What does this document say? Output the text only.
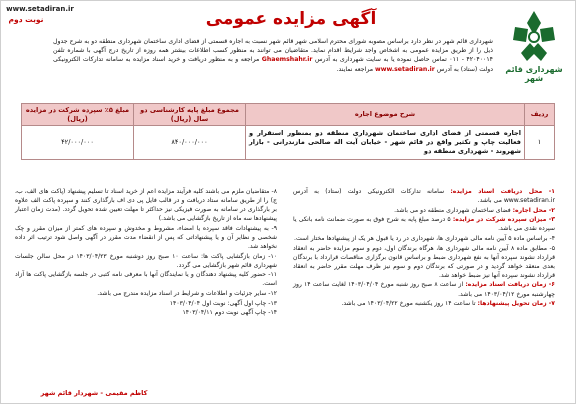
شهرداری قائم شهر
www.setadiran.ir
نوبت دوم	آگهی مزایده عمومی
شهرداری قائم شهر در نظر دارد براساس مصوبه شورای محترم اسلامی شهر قائم شهر نسبت به اجاره قسمتی از فضای اداری ساختمان شهرداری منطقه دو به شرح جدول ذیل را از طریق مزایده عمومی به اشخاص واجد شرایط اقدام نماید. متقاضیان می توانند به منظور کسب اطلاعات بیشتر همه روزه از تاریخ درج آگهی با شماره تلفن ۴۲۰۴۰۰۱۴ - ۰۱۱ تماس حاصل نموده یا به سایت شهرداری به آدرس Ghaemshahr.ir مراجعه و به منظور دریافت و خرید اسناد مزایده به سامانه تدارکات الکترونیکی دولت (ستاد) به آدرس www.setadiran.ir مراجعه نمایند.
ردیف	شرح موضوع اجاره	مجموع مبلغ پایه کارشناسی دو سال (ریال)	مبلغ ۵٪ سپرده شرکت در مزایده (ریال)
۱	اجاره قسمتی از فضای اداری ساختمان شهرداری منطقه دو بمنظور استقرار و فعالیت چاپ و تکثیر واقع در قائم شهر - خیابان آیت اله صالحی مازندرانی - بازار شهروند - شهرداری منطقه دو	۸۴۰/۰۰۰/۰۰۰	۴۲/۰۰۰/۰۰۰

۱- محل دریافت اسناد مزایده: سامانه تدارکات الکترونیکی دولت (ستاد) به آدرس www.setadiran.ir می باشد.

۲- محل اجاره: فضای ساختمان شهرداری منطقه دو می باشد.

۳- میزان سپرده شرکت در مزایده: ۵ درصد مبلغ پایه به شرح فوق به صورت ضمانت نامه بانکی یا سپرده نقدی می باشد.

۴- براساس ماده ۵ آیین نامه مالی شهرداری ها، شهرداری در رد یا قبول هر یک از پیشنهادها مختار است.

۵- مطابق ماده ۸ آیین نامه مالی شهرداری ها، هرگاه برندگان اول، دوم و سوم مزایده حاضر به انعقاد قرارداد نشوند سپرده آنها به نفع شهرداری ضبط و براساس قانون برگزاری مناقصات قرارداد با برندگان بعدی منعقد خواهد گردید و در صورتی که برندگان دوم و سوم نیز ظرف مهلت مقرر حاضر به انعقاد قرارداد نشوند سپرده آنها نیز ضبط خواهد شد.

۶- زمان دریافت اسناد مزایده: از ساعت ۸ صبح روز شنبه مورخ ۱۴۰۳/۰۴/۰۴ لغایت ساعت ۱۴ روز چهارشنبه مورخ ۱۴۰۳/۰۴/۱۲ می باشد.

۷- زمان تحویل پیشنهادها: تا ساعت ۱۴ روز یکشنبه مورخ ۱۴۰۳/۰۴/۲۲ می باشد.

۸- متقاضیان ملزم می باشند کلیه فرآیند مزایده اعم از خرید اسناد تا تسلیم پیشنهاد (پاکت های الف، ب، ج) را از طریق سامانه ستاد دریافت و در قالب فایل پی دی اف بارگذاری کنند و سپرده پاکت الف علاوه بر بارگذاری در سامانه به صورت فیزیکی نیز حداکثر تا مهلت تعیین شده تحویل گردد. (مدت زمان اعتبار پیشنهادها سه ماه از تاریخ بازگشایی می باشد.)

۹- به پیشنهادات فاقد سپرده یا امضاء، مشروط و مخدوش و سپرده های کمتر از میزان مقرر و چک شخصی و نظایر آن و یا پیشنهاداتی که پس از انقضاء مدت مقرر در آگهی واصل شود ترتیب اثر داده نخواهد شد.

۱۰- زمان بازگشایی پاکت ها: ساعت ۱۰ صبح روز دوشنبه مورخ ۱۴۰۳/۰۴/۲۳ در محل سالن جلسات شهرداری قائم شهر بازگشایی می گردد.

۱۱- حضور کلیه پیشنهاد دهندگان و یا نمایندگان آنها با معرفی نامه کتبی در جلسه بازگشایی پاکت ها آزاد است.

۱۲- سایر جزئیات و اطلاعات و شرایط در اسناد مزایده مندرج می باشد.

۱۳- چاپ اول آگهی: نوبت اول ۱۴۰۳/۰۴/۰۴

۱۴- چاپ آگهی نوبت دوم ۱۴۰۳/۰۴/۱۱

کاظم مقیمی - شهردار قائم شهر
